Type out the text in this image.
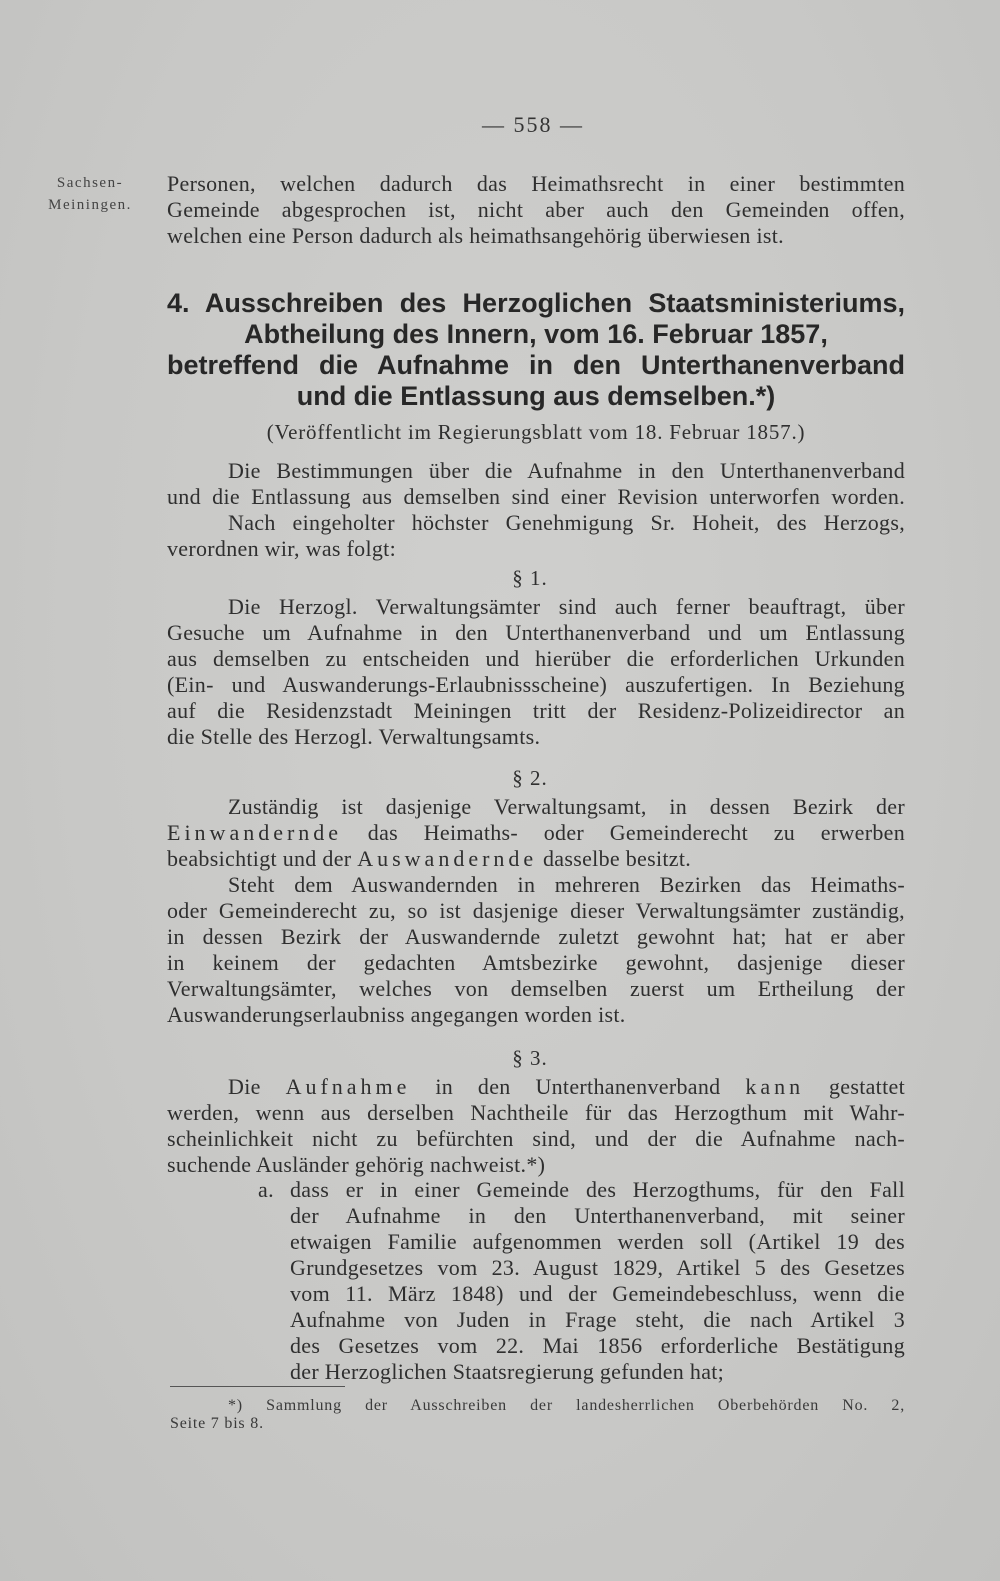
— 558 —
Sachsen-
Meiningen.
Personen, welchen dadurch das Heimathsrecht in einer bestimmten
Gemeinde abgesprochen ist, nicht aber auch den Gemeinden offen,
welchen eine Person dadurch als heimathsangehörig überwiesen ist.
4. Ausschreiben des Herzoglichen Staatsministeriums,
Abtheilung des Innern, vom 16. Februar 1857,
betreffend die Aufnahme in den Unterthanenverband
und die Entlassung aus demselben.*)
(Veröffentlicht im Regierungsblatt vom 18. Februar 1857.)
Die Bestimmungen über die Aufnahme in den Unterthanenverband
und die Entlassung aus demselben sind einer Revision unterworfen worden.
Nach eingeholter höchster Genehmigung Sr. Hoheit, des Herzogs,
verordnen wir, was folgt:
§ 1.
Die Herzogl. Verwaltungsämter sind auch ferner beauftragt, über
Gesuche um Aufnahme in den Unterthanenverband und um Entlassung
aus demselben zu entscheiden und hierüber die erforderlichen Urkunden
(Ein- und Auswanderungs-Erlaubnissscheine) auszufertigen. In Beziehung
auf die Residenzstadt Meiningen tritt der Residenz-Polizeidirector an
die Stelle des Herzogl. Verwaltungsamts.
§ 2.
Zuständig ist dasjenige Verwaltungsamt, in dessen Bezirk der
Einwandernde das Heimaths- oder Gemeinderecht zu erwerben
beabsichtigt und der Auswandernde dasselbe besitzt.
Steht dem Auswandernden in mehreren Bezirken das Heimaths-
oder Gemeinderecht zu, so ist dasjenige dieser Verwaltungsämter zuständig,
in dessen Bezirk der Auswandernde zuletzt gewohnt hat; hat er aber
in keinem der gedachten Amtsbezirke gewohnt, dasjenige dieser
Verwaltungsämter, welches von demselben zuerst um Ertheilung der
Auswanderungserlaubniss angegangen worden ist.
§ 3.
Die Aufnahme in den Unterthanenverband kann gestattet
werden, wenn aus derselben Nachtheile für das Herzogthum mit Wahr-
scheinlichkeit nicht zu befürchten sind, und der die Aufnahme nach-
suchende Ausländer gehörig nachweist.*)
a. dass er in einer Gemeinde des Herzogthums, für den Fall
der Aufnahme in den Unterthanenverband, mit seiner
etwaigen Familie aufgenommen werden soll (Artikel 19 des
Grundgesetzes vom 23. August 1829, Artikel 5 des Gesetzes
vom 11. März 1848) und der Gemeindebeschluss, wenn die
Aufnahme von Juden in Frage steht, die nach Artikel 3
des Gesetzes vom 22. Mai 1856 erforderliche Bestätigung
der Herzoglichen Staatsregierung gefunden hat;
*) Sammlung der Ausschreiben der landesherrlichen Oberbehörden No. 2,
Seite 7 bis 8.
